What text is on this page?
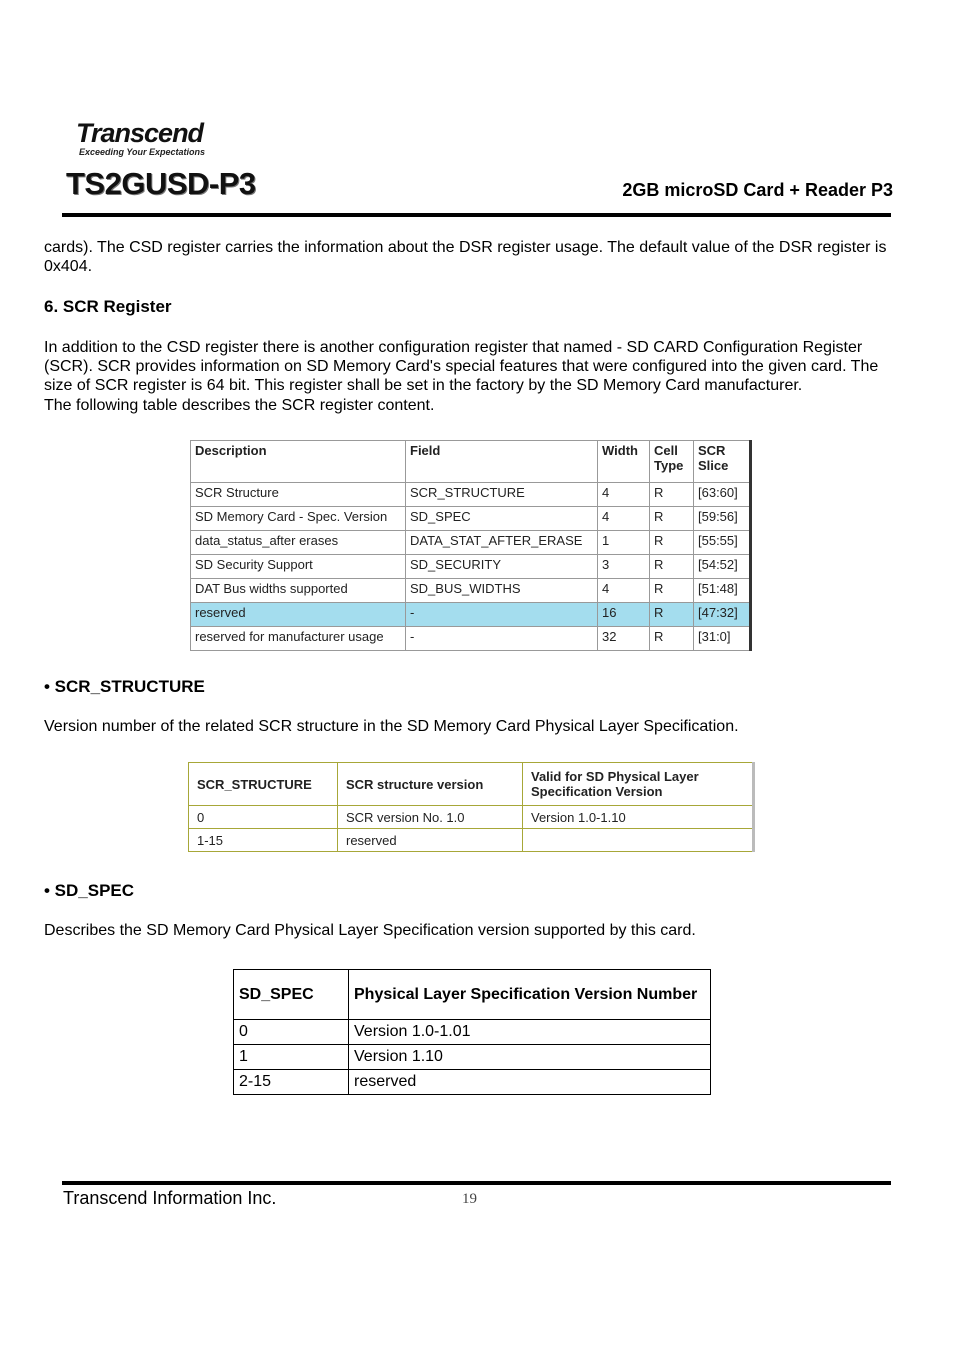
Transcend
Exceeding Your Expectations
TS2GUSD-P3	2GB microSD Card + Reader P3
cards). The CSD register carries the information about the DSR register usage. The default value of the DSR register is 0x404.
6. SCR Register
In addition to the CSD register there is another configuration register that named - SD CARD Configuration Register (SCR). SCR provides information on SD Memory Card's special features that were configured into the given card. The size of SCR register is 64 bit. This register shall be set in the factory by the SD Memory Card manufacturer.
The following table describes the SCR register content.
Description	Field	Width	Cell Type	SCR Slice
SCR Structure	SCR_STRUCTURE	4	R	[63:60]
SD Memory Card - Spec. Version	SD_SPEC	4	R	[59:56]
data_status_after erases	DATA_STAT_AFTER_ERASE	1	R	[55:55]
SD Security Support	SD_SECURITY	3	R	[54:52]
DAT Bus widths supported	SD_BUS_WIDTHS	4	R	[51:48]
reserved	-	16	R	[47:32]
reserved for manufacturer usage	-	32	R	[31:0]
• SCR_STRUCTURE
Version number of the related SCR structure in the SD Memory Card Physical Layer Specification.
SCR_STRUCTURE	SCR structure version	Valid for SD Physical Layer Specification Version
0	SCR version No. 1.0	Version 1.0-1.10
1-15	reserved	
• SD_SPEC
Describes the SD Memory Card Physical Layer Specification version supported by this card.
SD_SPEC	Physical Layer Specification Version Number
0	Version 1.0-1.01
1	Version 1.10
2-15	reserved
Transcend Information Inc.	19
